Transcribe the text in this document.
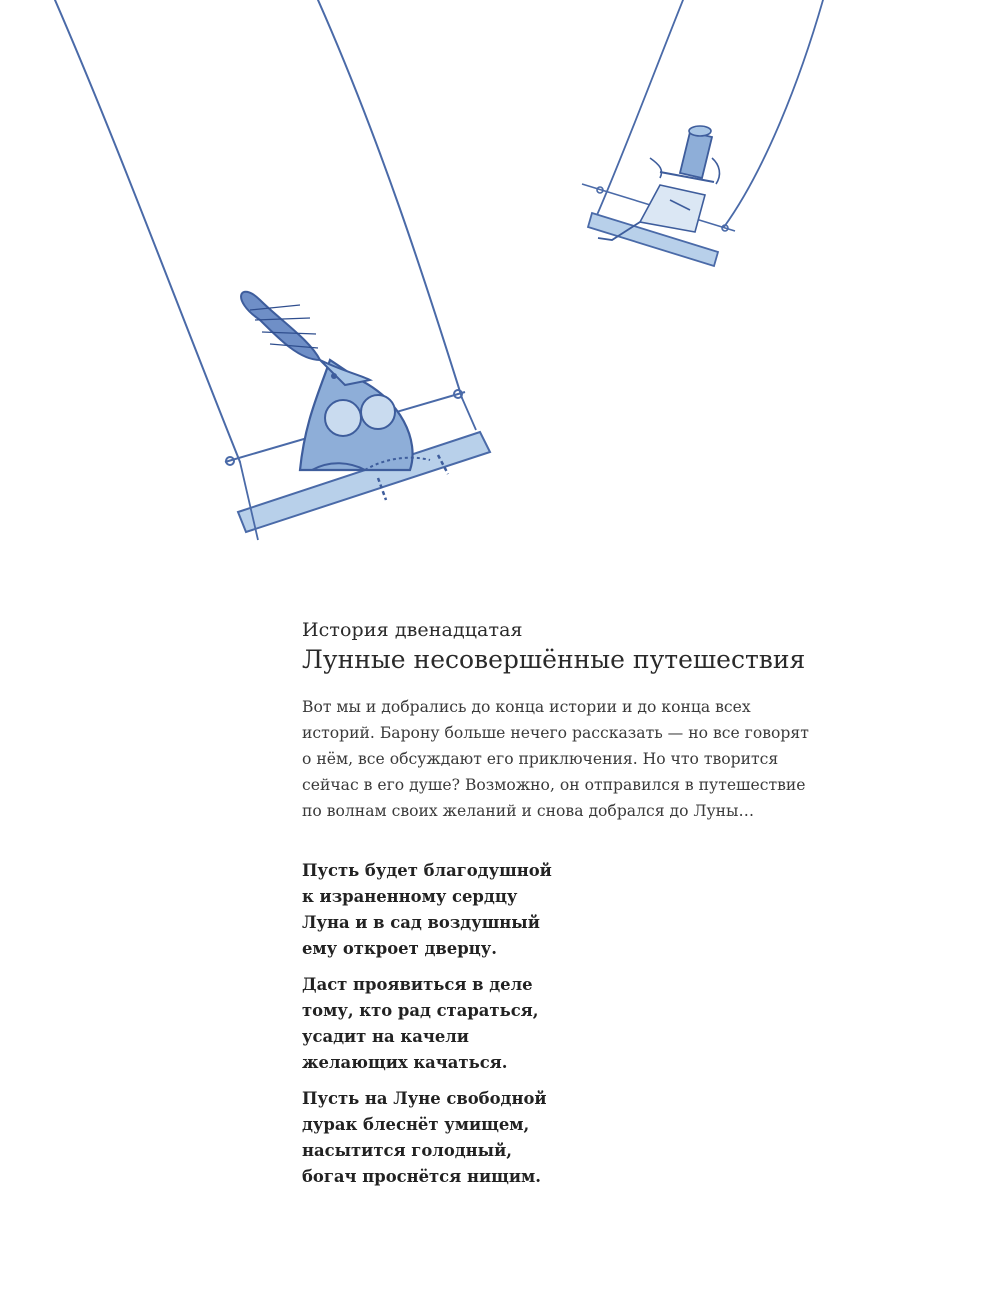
История двенадцатая
Лунные несовершённые путешествия

Вот мы и добрались до конца истории и до конца всех
историй. Барону больше нечего рассказать — но все говорят
о нём, все обсуждают его приключения. Но что творится
сейчас в его душе? Возможно, он отправился в путешествие
по волнам своих желаний и снова добрался до Луны…

Пусть будет благодушной
к израненному сердцу
Луна и в сад воздушный
ему откроет дверцу.
Даст проявиться в деле
тому, кто рад стараться,
усадит на качели
желающих качаться.
Пусть на Луне свободной
дурак блеснёт умищем,
насытится голодный,
богач проснётся нищим.
